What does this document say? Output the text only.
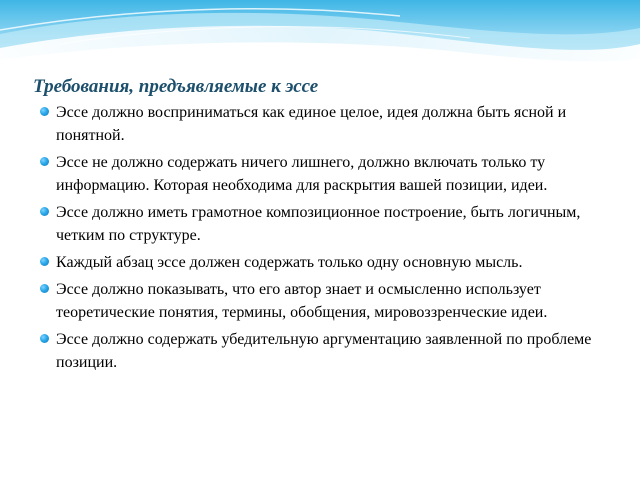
Требования, предъявляемые к эссе
Эссе должно восприниматься как единое целое, идея должна быть ясной и понятной.
Эссе не должно содержать ничего лишнего, должно включать только ту информацию. Которая необходима для раскрытия вашей позиции, идеи.
Эссе должно иметь грамотное композиционное построение, быть логичным, четким по структуре.
Каждый абзац эссе должен содержать только одну основную мысль.
Эссе должно показывать, что его автор знает и осмысленно использует теоретические понятия, термины, обобщения, мировоззренческие идеи.
Эссе должно содержать убедительную аргументацию заявленной по проблеме позиции.
